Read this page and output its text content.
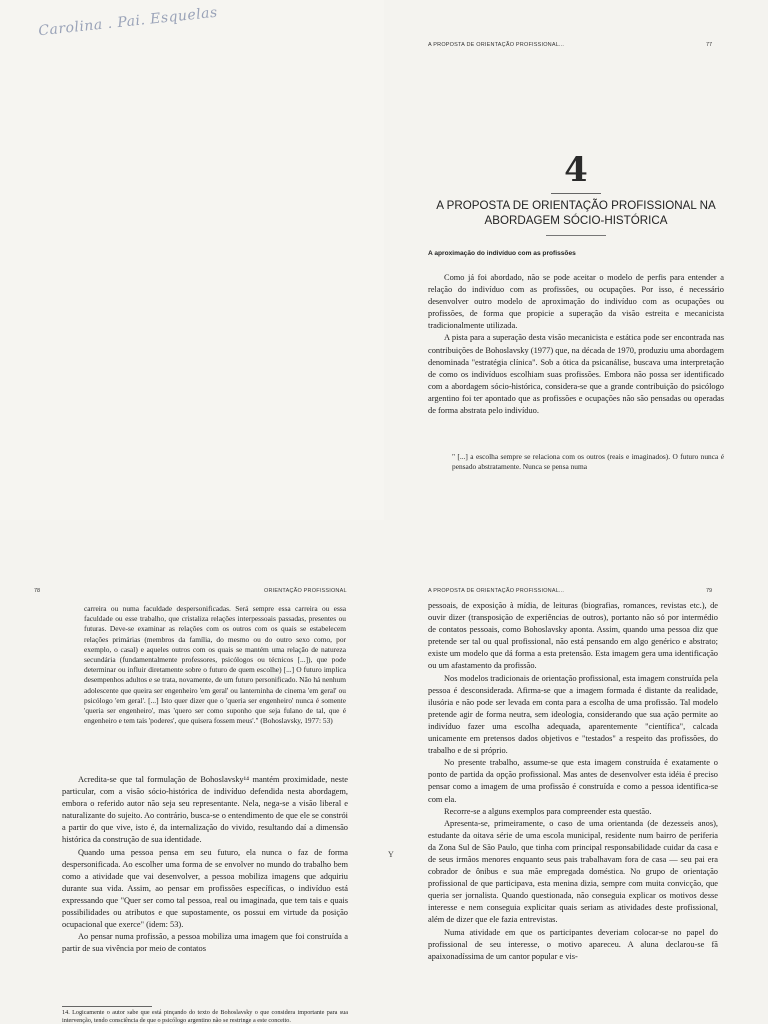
Carolina . Pai. Esquelas
A PROPOSTA DE ORIENTAÇÃO PROFISSIONAL...	77
4
A PROPOSTA DE ORIENTAÇÃO PROFISSIONAL NA ABORDAGEM SÓCIO-HISTÓRICA
A aproximação do indivíduo com as profissões

Como já foi abordado, não se pode aceitar o modelo de perfis para entender a relação do indivíduo com as profissões, ou ocupações. Por isso, é necessário desenvolver outro modelo de aproximação do indivíduo com as ocupações ou profissões, de forma que propicie a superação da visão estreita e mecanicista tradicionalmente utilizada.

A pista para a superação desta visão mecanicista e estática pode ser encontrada nas contribuições de Bohoslavsky (1977) que, na década de 1970, produziu uma abordagem denominada "estratégia clínica". Sob a ótica da psicanálise, buscava uma interpretação de como os indivíduos escolhiam suas profissões. Embora não possa ser identificado com a abordagem sócio-histórica, considera-se que a grande contribuição do psicólogo argentino foi ter apontado que as profissões e ocupações não são pensadas ou operadas de forma abstrata pelo indivíduo.

" [...] a escolha sempre se relaciona com os outros (reais e imaginados). O futuro nunca é pensado abstratamente. Nunca se pensa numa

78	ORIENTAÇÃO PROFISSIONAL

carreira ou numa faculdade despersonificadas. Será sempre essa carreira ou essa faculdade ou esse trabalho, que cristaliza relações interpessoais passadas, presentes ou futuras. Deve-se examinar as relações com os outros com os quais se estabelecem relações primárias (membros da família, do mesmo ou do outro sexo como, por exemplo, o casal) e aqueles outros com os quais se mantém uma relação de natureza secundária (fundamentalmente professores, psicólogos ou técnicos [...]), que pode determinar ou influir diretamente sobre o futuro de quem escolhe) [...] O futuro implica desempenhos adultos e se trata, novamente, de um futuro personificado. Não há nenhum adolescente que queira ser engenheiro 'em geral' ou lanterninha de cinema 'em geral' ou psicólogo 'em geral'. [...] Isto quer dizer que o 'queria ser engenheiro' nunca é somente 'queria ser engenheiro', mas 'quero ser como suponho que seja fulano de tal, que é engenheiro e tem tais 'poderes', que quisera fossem meus'." (Bohoslavsky, 1977: 53)

Acredita-se que tal formulação de Bohoslavsky¹⁴ mantém proximidade, neste particular, com a visão sócio-histórica de indivíduo defendida nesta abordagem, embora o referido autor não seja seu representante. Nela, nega-se a visão liberal e naturalizante do sujeito. Ao contrário, busca-se o entendimento de que ele se constrói a partir do que vive, isto é, da internalização do vivido, resultando daí a dimensão histórica da construção de sua identidade.

Quando uma pessoa pensa em seu futuro, ela nunca o faz de forma despersonificada. Ao escolher uma forma de se envolver no mundo do trabalho bem como a atividade que vai desenvolver, a pessoa mobiliza imagens que adquiriu durante sua vida. Assim, ao pensar em profissões específicas, o indivíduo está expressando que "Quer ser como tal pessoa, real ou imaginada, que tem tais e quais possibilidades ou atributos e que supostamente, os possui em virtude da posição ocupacional que exerce" (idem: 53).

Ao pensar numa profissão, a pessoa mobiliza uma imagem que foi construída a partir de sua vivência por meio de contatos

14. Logicamente o autor sabe que está pinçando do texto de Bohoslavsky o que considera importante para sua intervenção, tendo consciência de que o psicólogo argentino não se restringe a este conceito.
Y
A PROPOSTA DE ORIENTAÇÃO PROFISSIONAL...	79

pessoais, de exposição à mídia, de leituras (biografias, romances, revistas etc.), de ouvir dizer (transposição de experiências de outros), portanto não só por intermédio de contatos pessoais, como Bohoslavsky aponta. Assim, quando uma pessoa diz que pretende ser tal ou qual profissional, não está pensando em algo genérico e abstrato; existe um modelo que dá forma a esta pretensão. Esta imagem gera uma identificação ou um afastamento da profissão.

Nos modelos tradicionais de orientação profissional, esta imagem construída pela pessoa é desconsiderada. Afirma-se que a imagem formada é distante da realidade, ilusória e não pode ser levada em conta para a escolha de uma profissão. Tal modelo pretende agir de forma neutra, sem ideologia, considerando que sua ação permite ao indivíduo fazer uma escolha adequada, aparentemente "científica", calcada unicamente em pretensos dados objetivos e "testados" a respeito das profissões, do trabalho e de si próprio.

No presente trabalho, assume-se que esta imagem construída é exatamente o ponto de partida da opção profissional. Mas antes de desenvolver esta idéia é preciso pensar como a imagem de uma profissão é construída e como a pessoa identifica-se com ela.

Recorre-se a alguns exemplos para compreender esta questão.

Apresenta-se, primeiramente, o caso de uma orientanda (de dezesseis anos), estudante da oitava série de uma escola municipal, residente num bairro de periferia da Zona Sul de São Paulo, que tinha com principal responsabilidade cuidar da casa e de seus irmãos menores enquanto seus pais trabalhavam fora de casa — seu pai era cobrador de ônibus e sua mãe empregada doméstica. No grupo de orientação profissional de que participava, esta menina dizia, sempre com muita convicção, que queria ser jornalista. Quando questionada, não conseguia explicar os motivos desse interesse e nem conseguia explicitar quais seriam as atividades deste profissional, além de dizer que ele fazia entrevistas.

Numa atividade em que os participantes deveriam colocar-se no papel do profissional de seu interesse, o motivo apareceu. A aluna declarou-se fã apaixonadíssima de um cantor popular e vis-
